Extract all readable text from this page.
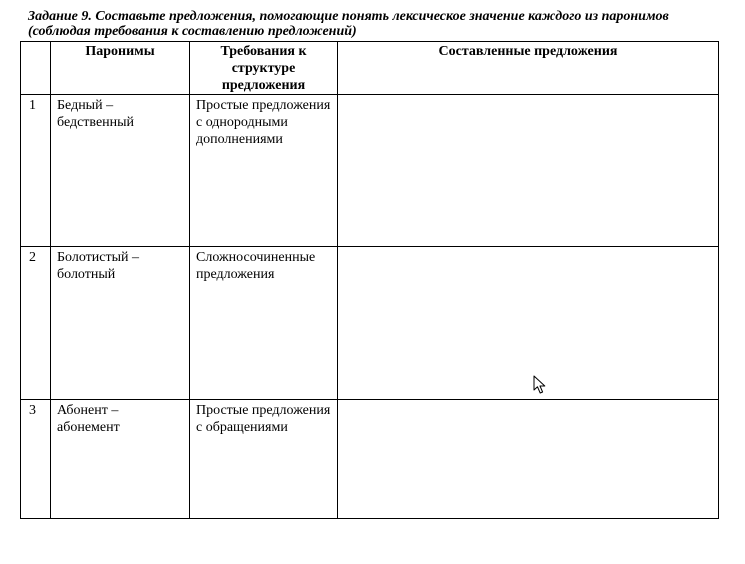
Задание 9. Составьте предложения, помогающие понять лексическое значение каждого из паронимов (соблюдая требования к составлению предложений)

	Паронимы	Требования к структуре предложения	Составленные предложения
1	Бедный – бедственный	Простые предложения с однородными дополнениями	
2	Болотистый – болотный	Сложносочиненные предложения	
3	Абонент – абонемент	Простые предложения с обращениями	
